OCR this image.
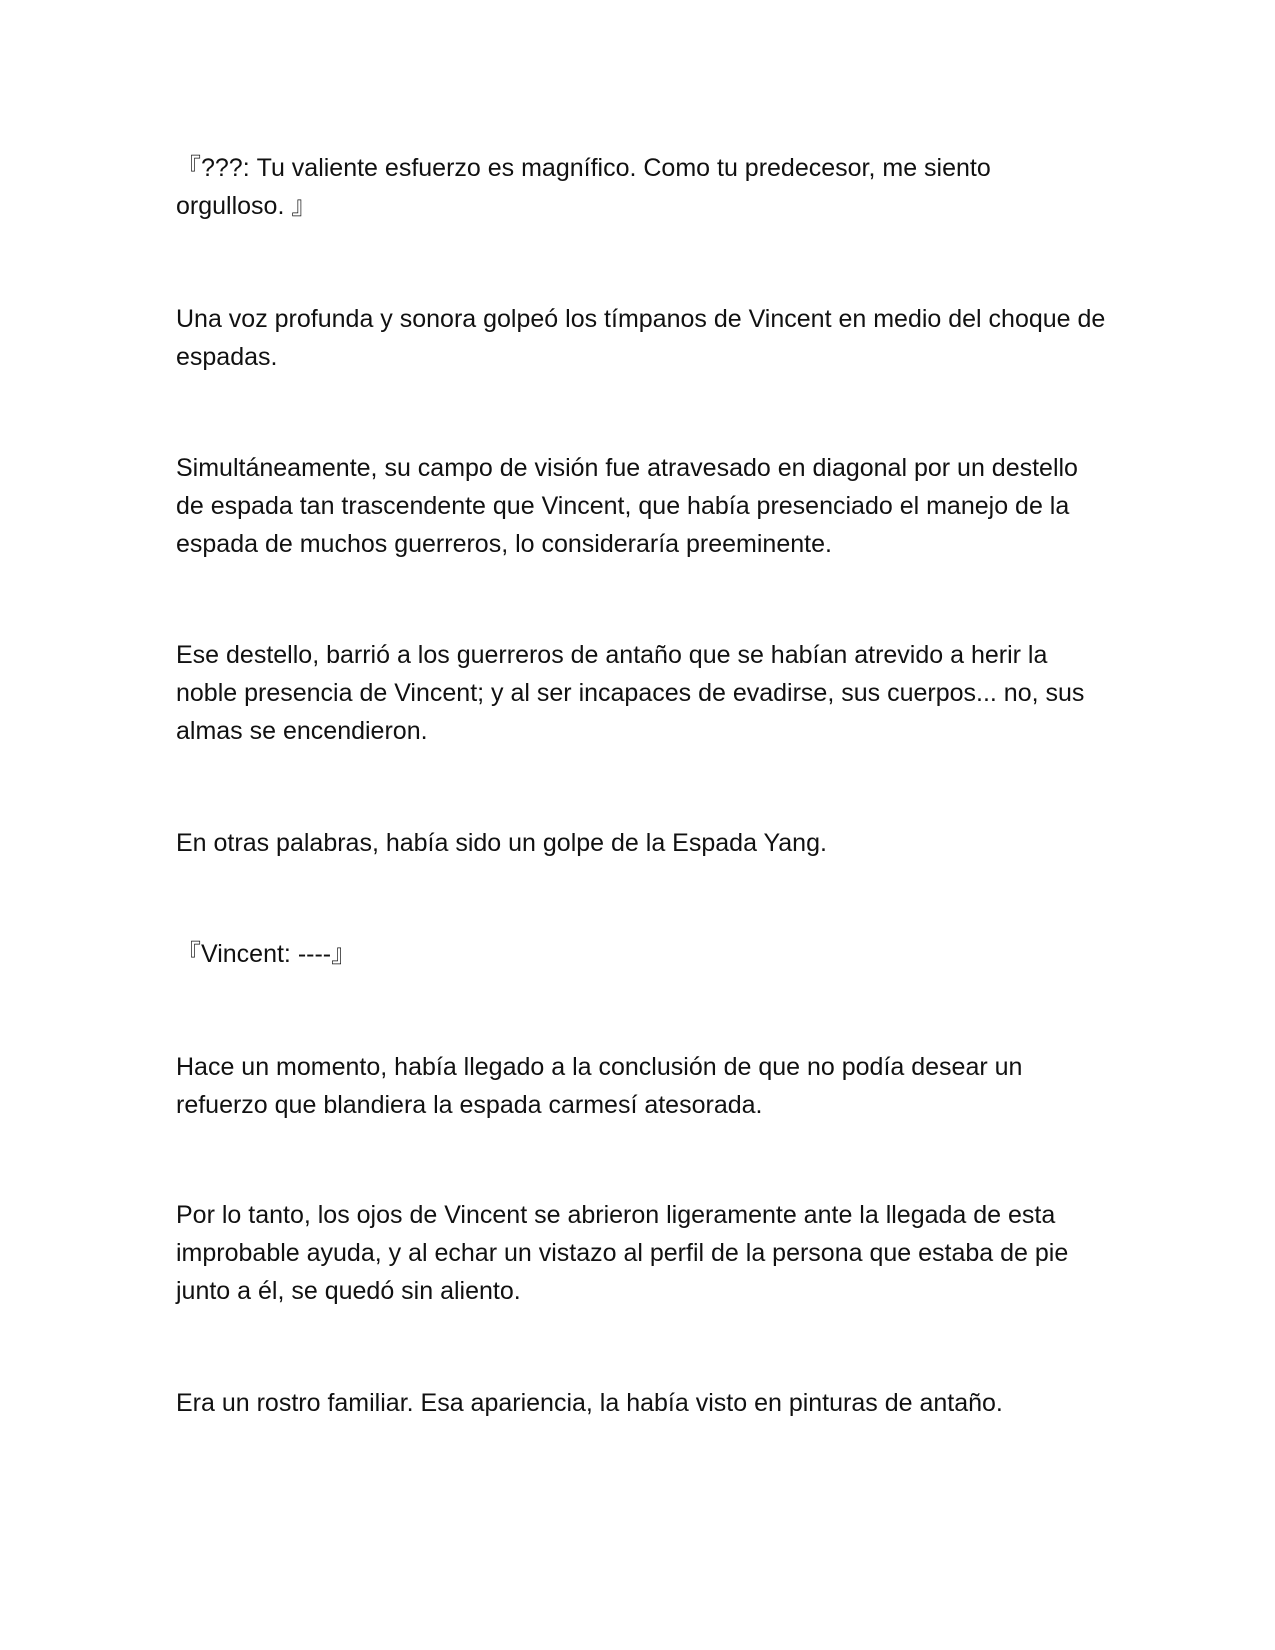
『???: Tu valiente esfuerzo es magnífico. Como tu predecesor, me siento orgulloso. 』

Una voz profunda y sonora golpeó los tímpanos de Vincent en medio del choque de espadas.

Simultáneamente, su campo de visión fue atravesado en diagonal por un destello de espada tan trascendente que Vincent, que había presenciado el manejo de la espada de muchos guerreros, lo consideraría preeminente.

Ese destello, barrió a los guerreros de antaño que se habían atrevido a herir la noble presencia de Vincent; y al ser incapaces de evadirse, sus cuerpos... no, sus almas se encendieron.

En otras palabras, había sido un golpe de la Espada Yang.

『Vincent: ----』

Hace un momento, había llegado a la conclusión de que no podía desear un refuerzo que blandiera la espada carmesí atesorada.

Por lo tanto, los ojos de Vincent se abrieron ligeramente ante la llegada de esta improbable ayuda, y al echar un vistazo al perfil de la persona que estaba de pie junto a él, se quedó sin aliento.

Era un rostro familiar. Esa apariencia, la había visto en pinturas de antaño.
